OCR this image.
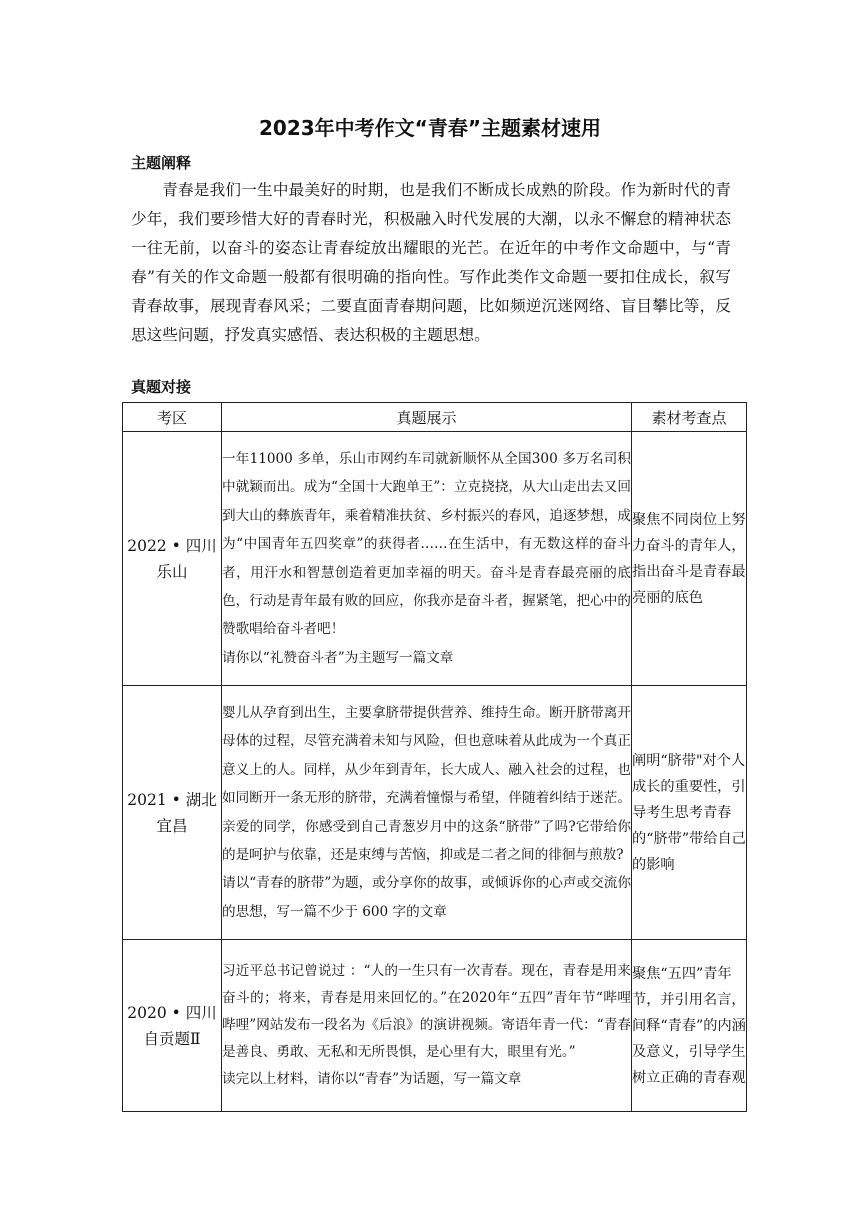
2023年中考作文“青春”主题素材速用
主题阐释

青春是我们一生中最美好的时期，也是我们不断成长成熟的阶段。作为新时代的青少年，我们要珍惜大好的青春时光，积极融入时代发展的大潮，以永不懈怠的精神状态一往无前，以奋斗的姿态让青春绽放出耀眼的光芒。在近年的中考作文命题中，与“青春”有关的作文命题一般都有很明确的指向性。写作此类作文命题一要扣住成长，叙写青春故事，展现青春风采；二要直面青春期问题，比如频逆沉迷网络、盲目攀比等，反思这些问题，抒发真实感悟、表达积极的主题思想。

真题对接
考区	真题展示	素材考查点

2022 • 四川
乐山	一年11000 多单，乐山市网约车司就新顺怀从全国300 多万名司积中就颖而出。成为“全国十大跑单王”：立克挠挠，从大山走出去又回到大山的彝族青年，乘着精准扶贫、乡村振兴的春风，追逐梦想，成为“中国青年五四奖章”的获得者……在生活中，有无数这样的奋斗者，用汗水和智慧创造着更加幸福的明天。奋斗是青春最亮丽的底色，行动是青年最有败的回应，你我亦是奋斗者，握紧笔，把心中的赞歌唱给奋斗者吧！
请你以“礼赞奋斗者”为主题写一篇文章	聚焦不同岗位上努力奋斗的青年人，指出奋斗是青春最亮丽的底色

2021 • 湖北
宜昌	婴儿从孕育到出生，主要拿脐带提供营养、维持生命。断开脐带离开母体的过程，尽管充满着未知与风险，但也意味着从此成为一个真正意义上的人。同样，从少年到青年，长大成人、融入社会的过程，也如同断开一条无形的脐带，充满着憧憬与希望，伴随着纠结于迷茫。亲爱的同学，你感受到自己青葱岁月中的这条“脐带”了吗?它带给你的是呵护与依靠，还是束缚与苦恼，抑或是二者之间的徘徊与煎敖?
请以“青春的脐带”为题，或分享你的故事，或倾诉你的心声或交流你的思想，写一篇不少于 600 字的文章	阐明“脐带"对个人成长的重要性，引导考生思考青春的“脐带”带给自己的影响

2020 • 四川
自贡题Ⅱ	习近平总书记曾说过 ：“人的一生只有一次青春。现在，青春是用来奋斗的；将来，青春是用来回忆的。”在2020年“五四”青年节“哔哩哔哩”网站发布一段名为《后浪》的演讲视频。寄语年青一代：“青春是善良、勇敢、无私和无所畏惧，是心里有大，眼里有光。”
读完以上材料，请你以“青春”为话题，写一篇文章	聚焦“五四”青年节，并引用名言，间释“青春”的内涵及意义，引导学生树立正确的青春观
